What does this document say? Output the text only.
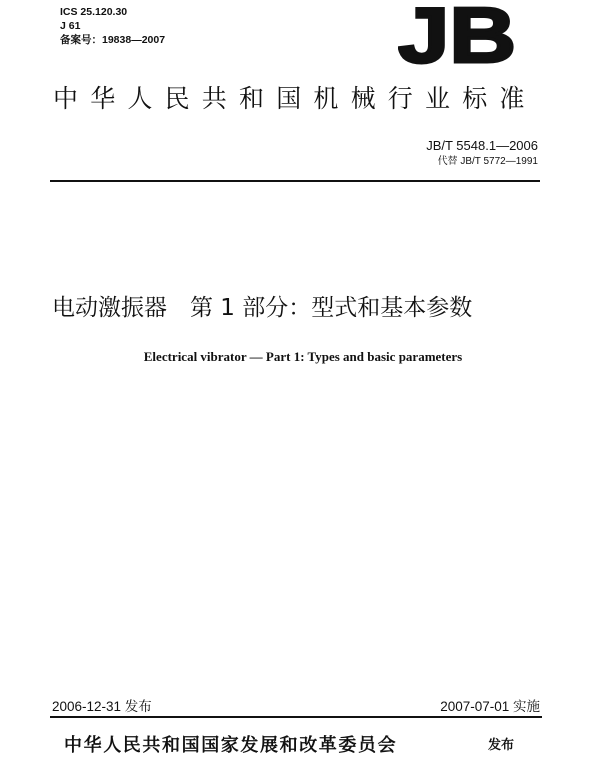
ICS 25.120.30
J 61
备案号：19838—2007	JB
中华人民共和国机械行业标准
JB/T 5548.1—2006
代替 JB/T 5772—1991
电动激振器　第 1 部分：型式和基本参数
Electrical vibrator — Part 1: Types and basic parameters
2006-12-31 发布	2007-07-01 实施
中华人民共和国国家发展和改革委员会	发布
